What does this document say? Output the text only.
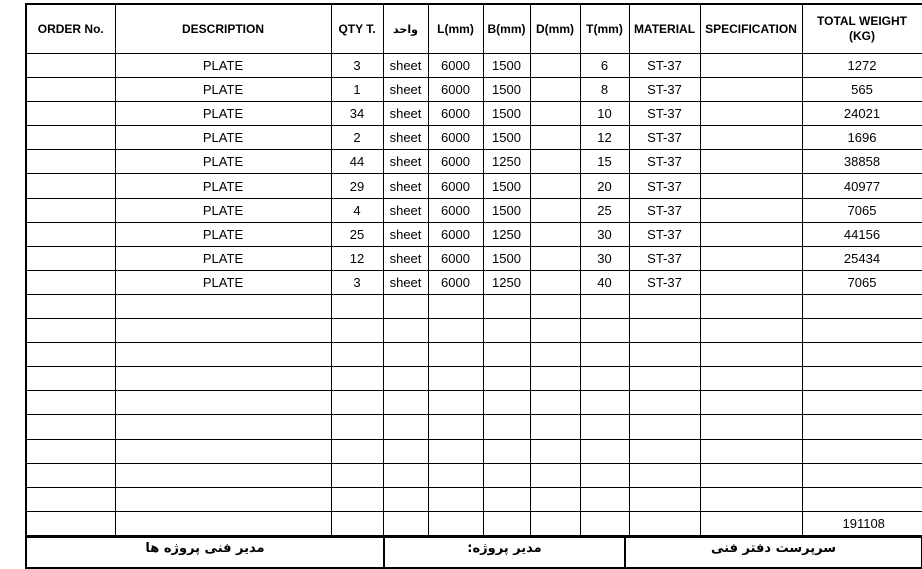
ORDER No.	DESCRIPTION	QTY T.	واحد	L(mm)	B(mm)	D(mm)	T(mm)	MATERIAL	SPECIFICATION	TOTAL WEIGHT (KG)
	PLATE	3	sheet	6000	1500		6	ST-37		1272
	PLATE	1	sheet	6000	1500		8	ST-37		565
	PLATE	34	sheet	6000	1500		10	ST-37		24021
	PLATE	2	sheet	6000	1500		12	ST-37		1696
	PLATE	44	sheet	6000	1250		15	ST-37		38858
	PLATE	29	sheet	6000	1500		20	ST-37		40977
	PLATE	4	sheet	6000	1500		25	ST-37		7065
	PLATE	25	sheet	6000	1250		30	ST-37		44156
	PLATE	12	sheet	6000	1500		30	ST-37		25434
	PLATE	3	sheet	6000	1250		40	ST-37		7065

										191108
مدیر فنی پروژه ها	مدیر پروژه:	سرپرست دفتر فنی
